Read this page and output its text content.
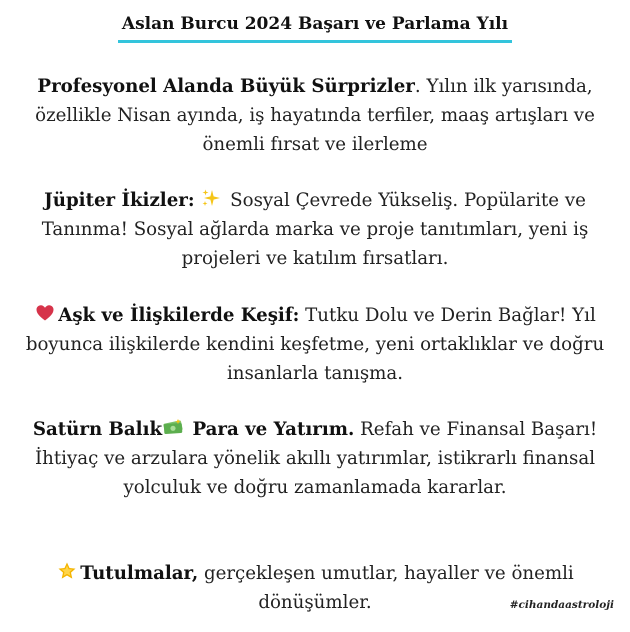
Aslan Burcu 2024 Başarı ve Parlama Yılı
Profesyonel Alanda Büyük Sürprizler. Yılın ilk yarısında, özellikle Nisan ayında, iş hayatında terfiler, maaş artışları ve önemli fırsat ve ilerleme
Jüpiter İkizler:  Sosyal Çevrede Yükseliş. Popülarite ve Tanınma! Sosyal ağlarda marka ve proje tanıtımları, yeni iş projeleri ve katılım fırsatları.
Aşk ve İlişkilerde Keşif: Tutku Dolu ve Derin Bağlar! Yıl boyunca ilişkilerde kendini keşfetme, yeni ortaklıklar ve doğru insanlarla tanışma.
Satürn Balık Para ve Yatırım. Refah ve Finansal Başarı! İhtiyaç ve arzulara yönelik akıllı yatırımlar, istikrarlı finansal yolculuk ve doğru zamanlamada kararlar.
Tutulmalar, gerçekleşen umutlar, hayaller ve önemli dönüşümler.	#cihandaastroloji
